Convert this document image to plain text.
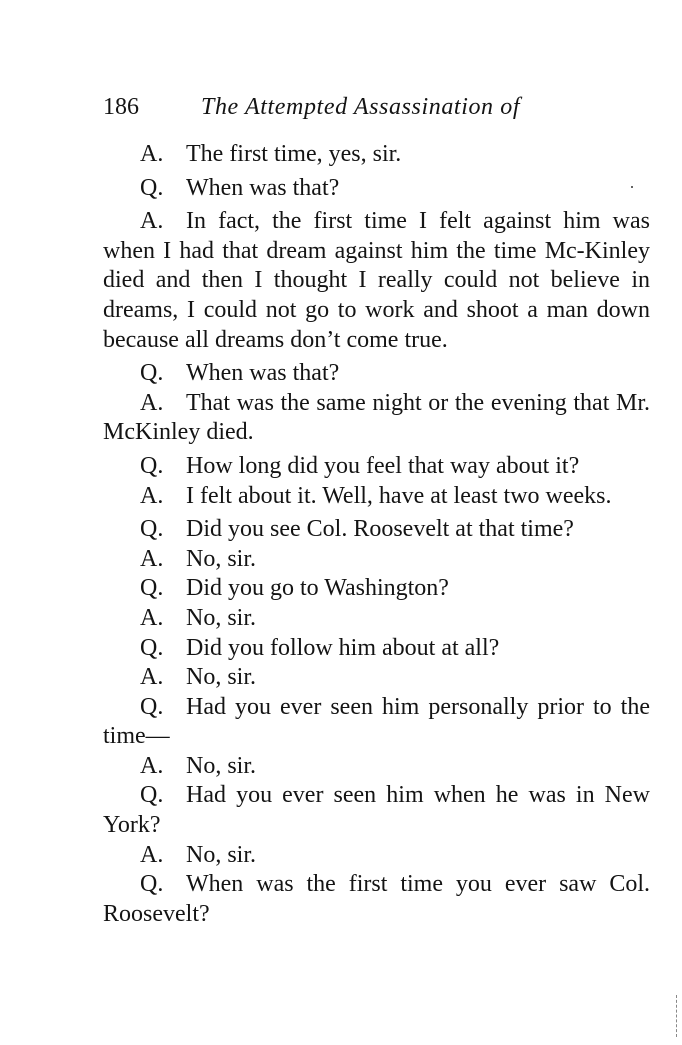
186	The Attempted Assassination of

A. The first time, yes, sir.

Q. When was that?

A. In fact, the first time I felt against him was when I had that dream against him the time Mc-Kinley died and then I thought I really could not believe in dreams, I could not go to work and shoot a man down because all dreams don’t come true.

Q. When was that?

A. That was the same night or the evening that Mr. McKinley died.

Q. How long did you feel that way about it?

A. I felt about it. Well, have at least two weeks.

Q. Did you see Col. Roosevelt at that time?

A. No, sir.

Q. Did you go to Washington?

A. No, sir.

Q. Did you follow him about at all?

A. No, sir.

Q. Had you ever seen him personally prior to the time—

A. No, sir.

Q. Had you ever seen him when he was in New York?

A. No, sir.

Q. When was the first time you ever saw Col. Roosevelt?
